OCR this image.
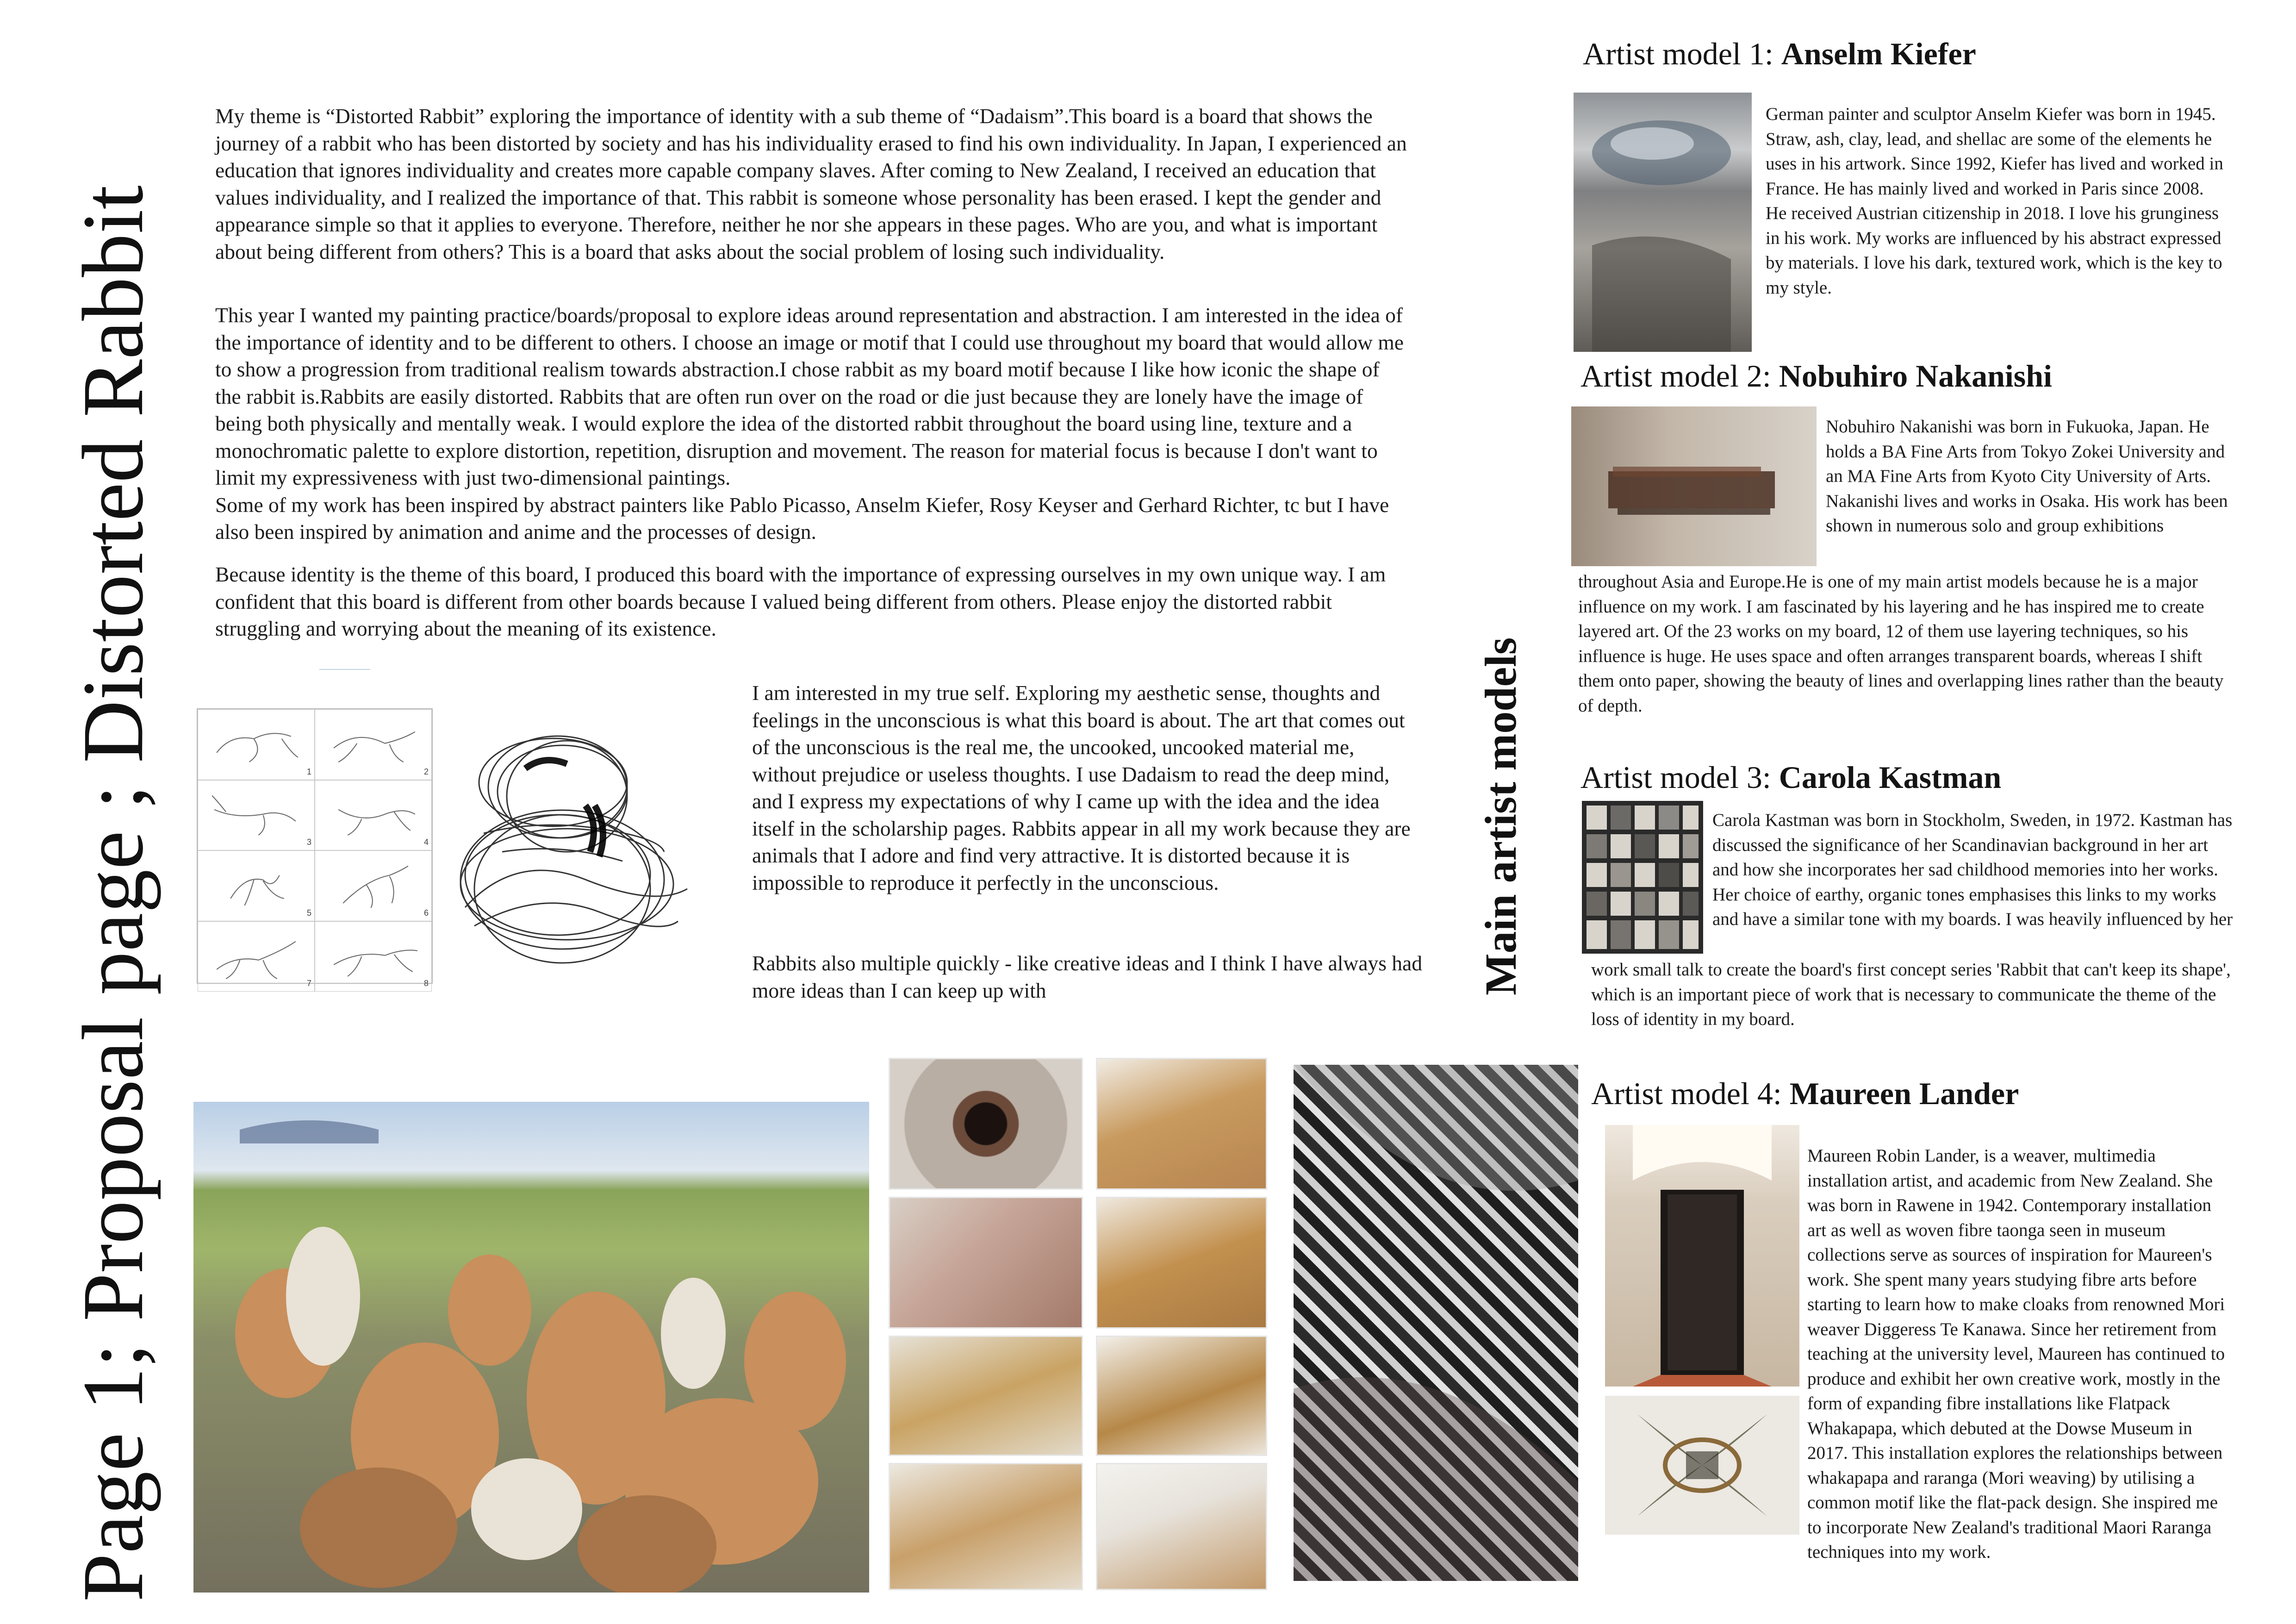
Page 1; Proposal page ; Distorted Rabbit	Main artist models
My theme is “Distorted Rabbit” exploring the importance of identity with a sub theme of “Dadaism”.This board is a board that shows the journey of a rabbit who has been distorted by society and has his individuality erased to find his own individuality. In Japan, I experienced an education that ignores individuality and creates more capable company slaves. After coming to New Zealand, I received an education that values individuality, and I realized the importance of that. This rabbit is someone whose personality has been erased. I kept the gender and appearance simple so that it applies to everyone. Therefore, neither he nor she appears in these pages. Who are you, and what is important about being different from others? This is a board that asks about the social problem of losing such individuality.
This year I wanted my painting practice/boards/proposal to explore ideas around representation and abstraction. I am interested in the idea of the importance of identity and to be different to others. I choose an image or motif that I could use throughout my board that would allow me to show a progression from traditional realism towards abstraction.I chose rabbit as my board motif because I like how iconic the shape of the rabbit is.Rabbits are easily distorted. Rabbits that are often run over on the road or die just because they are lonely have the image of being both physically and mentally weak. I would explore the idea of the distorted rabbit throughout the board using line, texture and a monochromatic palette to explore distortion, repetition, disruption and movement. The reason for material focus is because I don't want to limit my expressiveness with just two-dimensional paintings.
Some of my work has been inspired by abstract painters like Pablo Picasso, Anselm Kiefer, Rosy Keyser and Gerhard Richter, tc but I have also been inspired by animation and anime and the processes of design.
Because identity is the theme of this board, I produced this board with the importance of expressing ourselves in my own unique way. I am confident that this board is different from other boards because I valued being different from others. Please enjoy the distorted rabbit struggling and worrying about the meaning of its existence.
1	2
3	4
5	6
7	8
I am interested in my true self. Exploring my aesthetic sense, thoughts and feelings in the unconscious is what this board is about. The art that comes out of the unconscious is the real me, the uncooked, uncooked material me, without prejudice or useless thoughts. I use Dadaism to read the deep mind, and I express my expectations of why I came up with the idea and the idea itself in the scholarship pages. Rabbits appear in all my work because they are animals that I adore and find very attractive. It is distorted because it is impossible to reproduce it perfectly in the unconscious.
Rabbits also multiple quickly - like creative ideas and I think I have always had more ideas than I can keep up with
Artist model 1: Anselm Kiefer
German painter and sculptor Anselm Kiefer was born in 1945. Straw, ash, clay, lead, and shellac are some of the elements he uses in his artwork. Since 1992, Kiefer has lived and worked in France. He has mainly lived and worked in Paris since 2008. He received Austrian citizenship in 2018. I love his grunginess in his work. My works are influenced by his abstract expressed by materials. I love his dark, textured work, which is the key to my style.
Artist model 2: Nobuhiro Nakanishi
Nobuhiro Nakanishi was born in Fukuoka, Japan. He holds a BA Fine Arts from Tokyo Zokei University and an MA Fine Arts from Kyoto City University of Arts. Nakanishi lives and works in Osaka. His work has been shown in numerous solo and group exhibitions
throughout Asia and Europe.He is one of my main artist models because he is a major influence on my work. I am fascinated by his layering and he has inspired me to create layered art. Of the 23 works on my board, 12 of them use layering techniques, so his influence is huge. He uses space and often arranges transparent boards, whereas I shift them onto paper, showing the beauty of lines and overlapping lines rather than the beauty of depth.
Artist model 3: Carola Kastman
Carola Kastman was born in Stockholm, Sweden, in 1972. Kastman has discussed the significance of her Scandinavian background in her art and how she incorporates her sad childhood memories into her works. Her choice of earthy, organic tones emphasises this links to my works and have a similar tone with my boards. I was heavily influenced by her
work small talk to create the board's first concept series 'Rabbit that can't keep its shape', which is an important piece of work that is necessary to communicate the theme of the loss of identity in my board.
Artist model 4: Maureen Lander
Maureen Robin Lander, is a weaver, multimedia installation artist, and academic from New Zealand. She was born in Rawene in 1942. Contemporary installation art as well as woven fibre taonga seen in museum collections serve as sources of inspiration for Maureen's work. She spent many years studying fibre arts before starting to learn how to make cloaks from renowned Mori weaver Diggeress Te Kanawa. Since her retirement from teaching at the university level, Maureen has continued to produce and exhibit her own creative work, mostly in the form of expanding fibre installations like Flatpack Whakapapa, which debuted at the Dowse Museum in 2017. This installation explores the relationships between whakapapa and raranga (Mori weaving) by utilising a common motif like the flat-pack design. She inspired me to incorporate New Zealand's traditional Maori Raranga techniques into my work.
